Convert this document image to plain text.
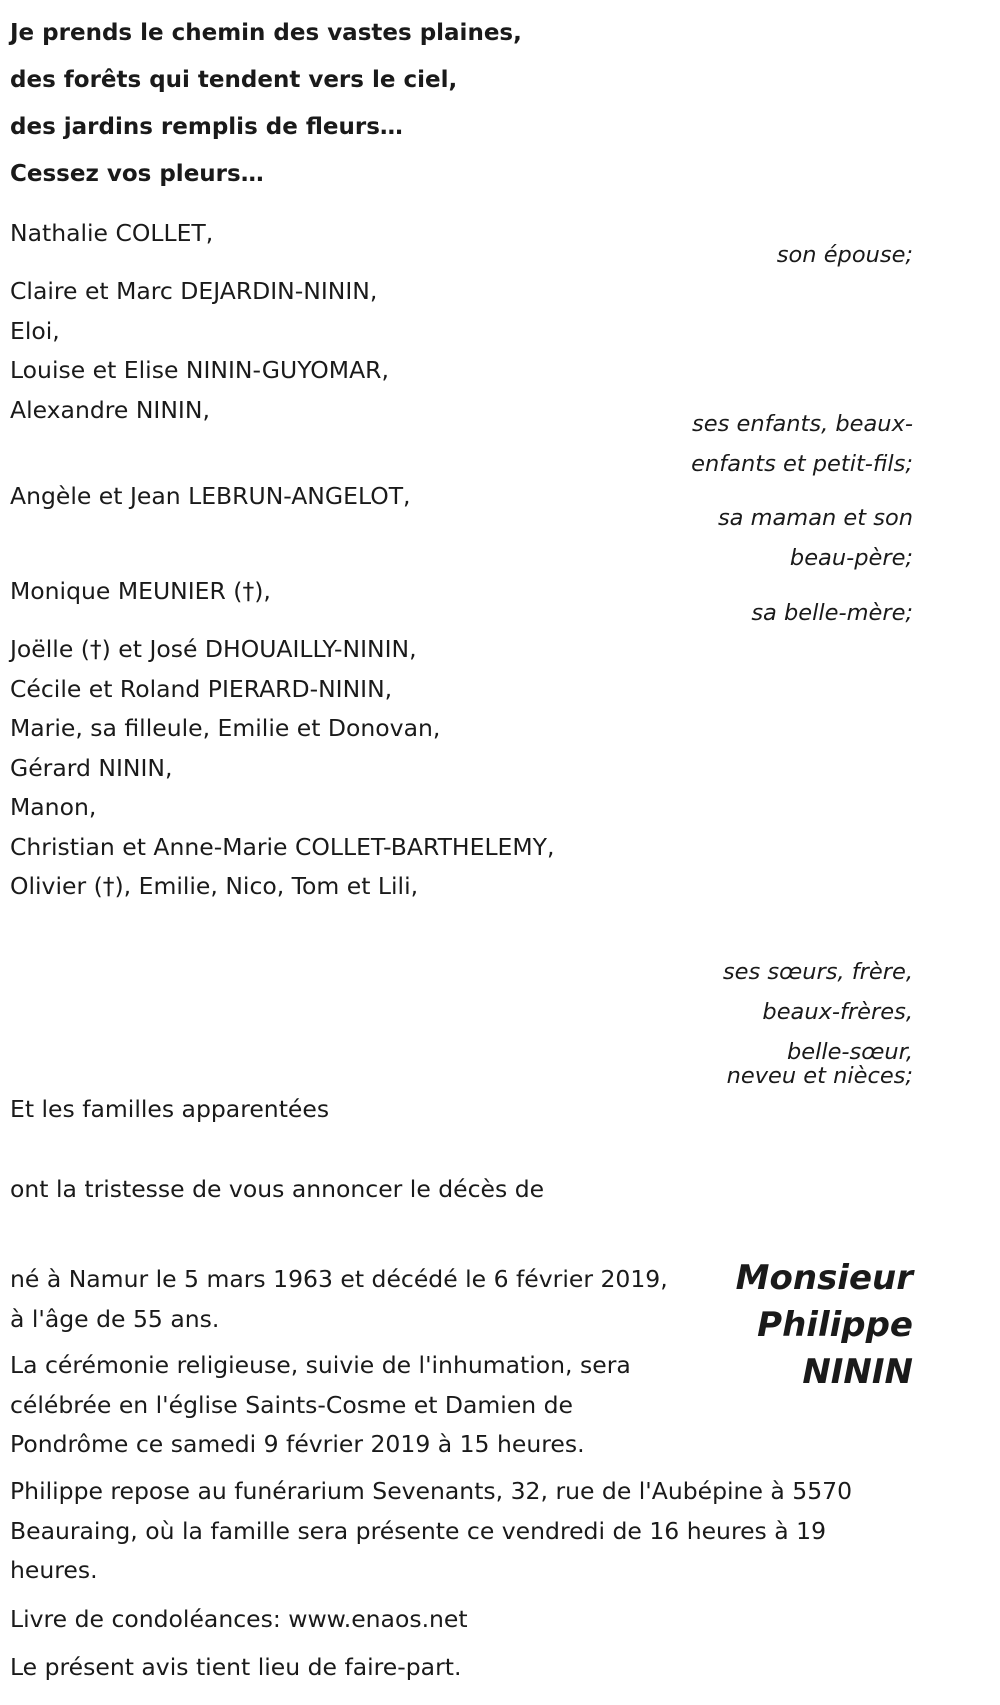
Je prends le chemin des vastes plaines,
des forêts qui tendent vers le ciel,
des jardins remplis de fleurs…
Cessez vos pleurs…
Nathalie COLLET,
son épouse;
Claire et Marc DEJARDIN-NININ,
Eloi,
Louise et Elise NININ-GUYOMAR,
Alexandre NININ,
ses enfants, beaux-
enfants et petit-fils;
Angèle et Jean LEBRUN-ANGELOT,
sa maman et son
beau-père;
Monique MEUNIER (†),
sa belle-mère;
Joëlle (†) et José DHOUAILLY-NININ,
Cécile et Roland PIERARD-NININ,
Marie, sa filleule, Emilie et Donovan,
Gérard NININ,
Manon,
Christian et Anne-Marie COLLET-BARTHELEMY,
Olivier (†), Emilie, Nico, Tom et Lili,
ses sœurs, frère,
beaux-frères,
belle-sœur,
neveu et nièces;
Et les familles apparentées
ont la tristesse de vous annoncer le décès de
Monsieur
Philippe
NININ
né à Namur le 5 mars 1963 et décédé le 6 février 2019,
à l'âge de 55 ans.
La cérémonie religieuse, suivie de l'inhumation, sera
célébrée en l'église Saints-Cosme et Damien de
Pondrôme ce samedi 9 février 2019 à 15 heures.
Philippe repose au funérarium Sevenants, 32, rue de l'Aubépine à 5570
Beauraing, où la famille sera présente ce vendredi de 16 heures à 19
heures.
Livre de condoléances: www.enaos.net
Le présent avis tient lieu de faire-part.
